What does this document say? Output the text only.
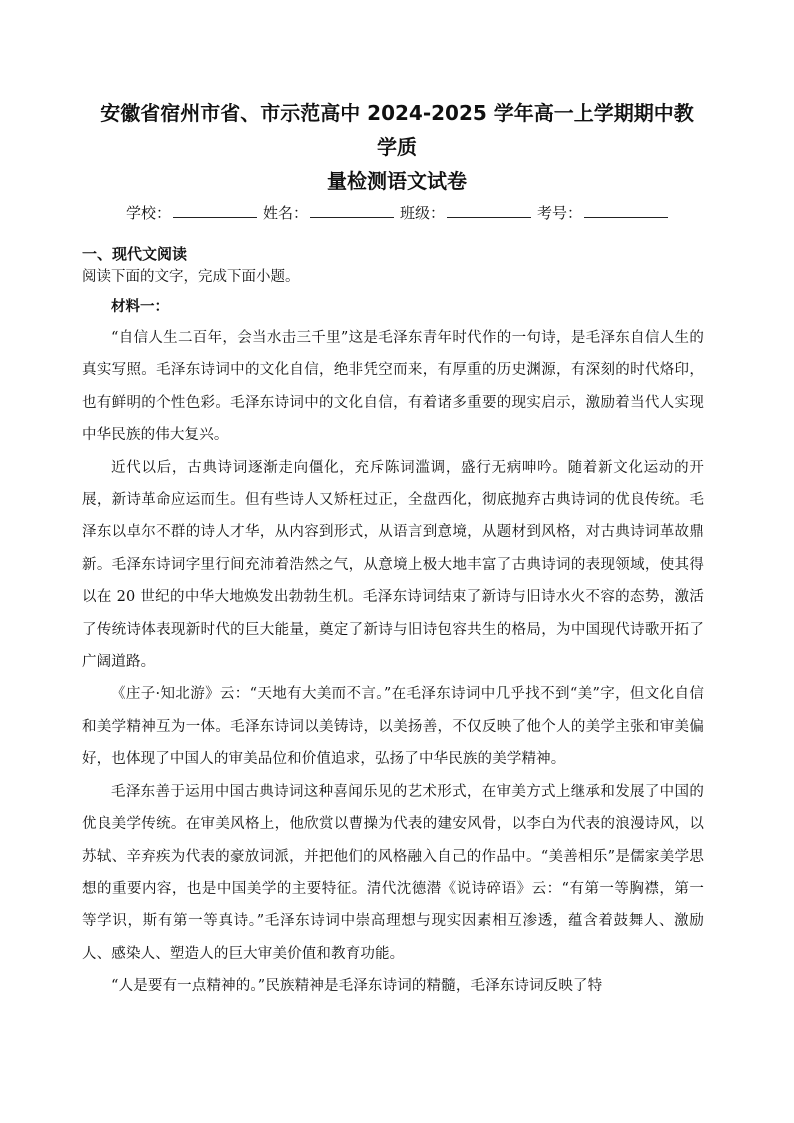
安徽省宿州市省、市示范高中 2024-2025 学年高一上学期期中教学质
量检测语文试卷
学校：	姓名：	班级：	考号：
一、现代文阅读
阅读下面的文字，完成下面小题。
材料一：

“自信人生二百年，会当水击三千里”这是毛泽东青年时代作的一句诗，是毛泽东自信人生的真实写照。毛泽东诗词中的文化自信，绝非凭空而来，有厚重的历史渊源，有深刻的时代烙印，也有鲜明的个性色彩。毛泽东诗词中的文化自信，有着诸多重要的现实启示，激励着当代人实现中华民族的伟大复兴。

近代以后，古典诗词逐渐走向僵化，充斥陈词滥调，盛行无病呻吟。随着新文化运动的开展，新诗革命应运而生。但有些诗人又矫枉过正，全盘西化，彻底抛弃古典诗词的优良传统。毛泽东以卓尔不群的诗人才华，从内容到形式，从语言到意境，从题材到风格，对古典诗词革故鼎新。毛泽东诗词字里行间充沛着浩然之气，从意境上极大地丰富了古典诗词的表现领域，使其得以在 20 世纪的中华大地焕发出勃勃生机。毛泽东诗词结束了新诗与旧诗水火不容的态势，激活了传统诗体表现新时代的巨大能量，奠定了新诗与旧诗包容共生的格局，为中国现代诗歌开拓了广阔道路。

《庄子·知北游》云：“天地有大美而不言。”在毛泽东诗词中几乎找不到“美”字，但文化自信和美学精神互为一体。毛泽东诗词以美铸诗，以美扬善，不仅反映了他个人的美学主张和审美偏好，也体现了中国人的审美品位和价值追求，弘扬了中华民族的美学精神。

毛泽东善于运用中国古典诗词这种喜闻乐见的艺术形式，在审美方式上继承和发展了中国的优良美学传统。在审美风格上，他欣赏以曹操为代表的建安风骨，以李白为代表的浪漫诗风，以苏轼、辛弃疾为代表的豪放词派，并把他们的风格融入自己的作品中。“美善相乐”是儒家美学思想的重要内容，也是中国美学的主要特征。清代沈德潜《说诗碎语》云：“有第一等胸襟，第一等学识，斯有第一等真诗。”毛泽东诗词中崇高理想与现实因素相互渗透，蕴含着鼓舞人、激励人、感染人、塑造人的巨大审美价值和教育功能。

“人是要有一点精神的。”民族精神是毛泽东诗词的精髓，毛泽东诗词反映了特
